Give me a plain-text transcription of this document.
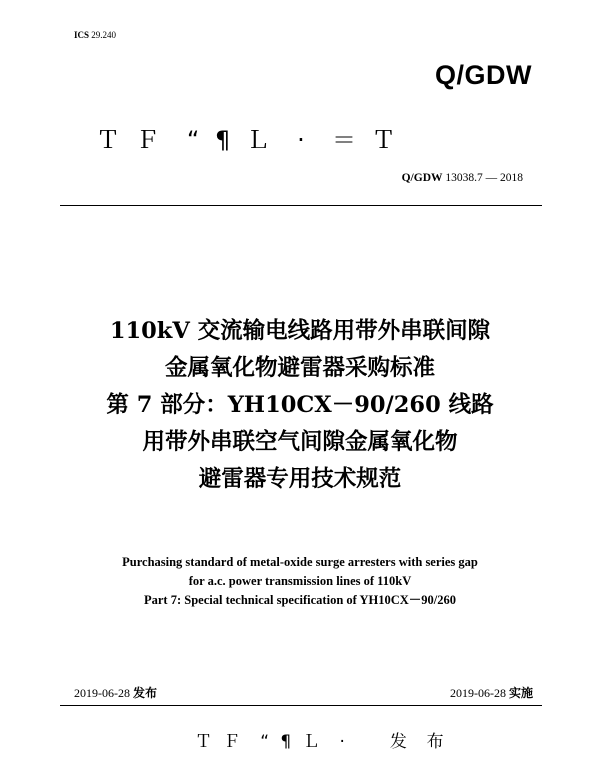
ICS 29.240
Q/GDW
Ｔ Ｆ  “ ¶ Ｌ  ·  ＝ Ｔ
Q/GDW 13038.7 — 2018
110kV 交流输电线路用带外串联间隙
金属氧化物避雷器采购标准
第 7 部分：YH10CX－90/260 线路
用带外串联空气间隙金属氧化物
避雷器专用技术规范
Purchasing standard of metal-oxide surge arresters with series gap
for a.c. power transmission lines of 110kV
Part 7: Special technical specification of YH10CX－90/260
2019-06-28 发布	2019-06-28 实施
Ｔ Ｆ  “ ¶ Ｌ  ·     发  布
